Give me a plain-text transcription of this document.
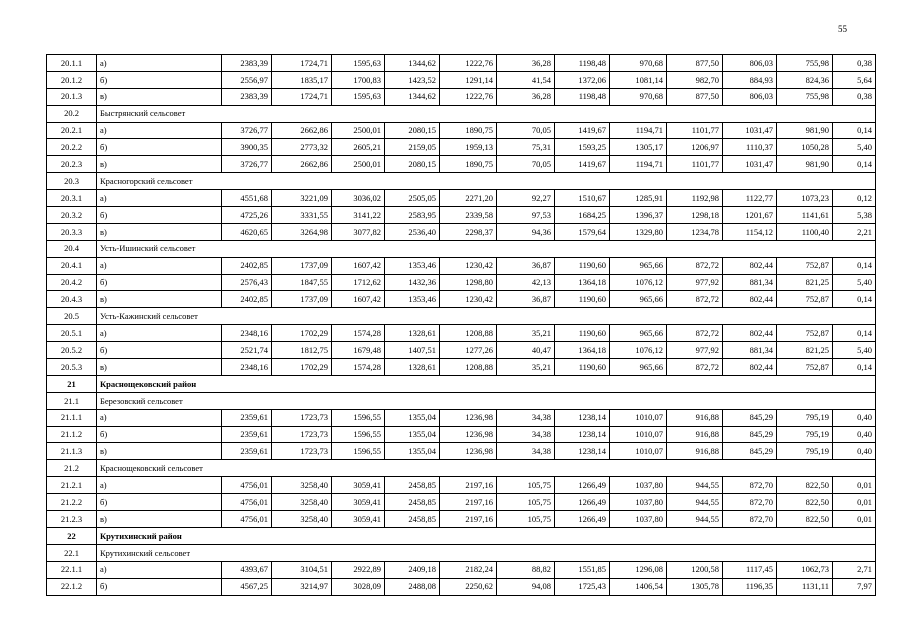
55
20.1.1	а)	2383,39	1724,71	1595,63	1344,62	1222,76	36,28	1198,48	970,68	877,50	806,03	755,98	0,38
20.1.2	б)	2556,97	1835,17	1700,83	1423,52	1291,14	41,54	1372,06	1081,14	982,70	884,93	824,36	5,64
20.1.3	в)	2383,39	1724,71	1595,63	1344,62	1222,76	36,28	1198,48	970,68	877,50	806,03	755,98	0,38
20.2	Быстрянский сельсовет												
20.2.1	а)	3726,77	2662,86	2500,01	2080,15	1890,75	70,05	1419,67	1194,71	1101,77	1031,47	981,90	0,14
20.2.2	б)	3900,35	2773,32	2605,21	2159,05	1959,13	75,31	1593,25	1305,17	1206,97	1110,37	1050,28	5,40
20.2.3	в)	3726,77	2662,86	2500,01	2080,15	1890,75	70,05	1419,67	1194,71	1101,77	1031,47	981,90	0,14
20.3	Красногорский сельсовет												
20.3.1	а)	4551,68	3221,09	3036,02	2505,05	2271,20	92,27	1510,67	1285,91	1192,98	1122,77	1073,23	0,12
20.3.2	б)	4725,26	3331,55	3141,22	2583,95	2339,58	97,53	1684,25	1396,37	1298,18	1201,67	1141,61	5,38
20.3.3	в)	4620,65	3264,98	3077,82	2536,40	2298,37	94,36	1579,64	1329,80	1234,78	1154,12	1100,40	2,21
20.4	Усть-Ишинский сельсовет												
20.4.1	а)	2402,85	1737,09	1607,42	1353,46	1230,42	36,87	1190,60	965,66	872,72	802,44	752,87	0,14
20.4.2	б)	2576,43	1847,55	1712,62	1432,36	1298,80	42,13	1364,18	1076,12	977,92	881,34	821,25	5,40
20.4.3	в)	2402,85	1737,09	1607,42	1353,46	1230,42	36,87	1190,60	965,66	872,72	802,44	752,87	0,14
20.5	Усть-Кажинский сельсовет												
20.5.1	а)	2348,16	1702,29	1574,28	1328,61	1208,88	35,21	1190,60	965,66	872,72	802,44	752,87	0,14
20.5.2	б)	2521,74	1812,75	1679,48	1407,51	1277,26	40,47	1364,18	1076,12	977,92	881,34	821,25	5,40
20.5.3	в)	2348,16	1702,29	1574,28	1328,61	1208,88	35,21	1190,60	965,66	872,72	802,44	752,87	0,14
21	Краснощековский район												
21.1	Березовский сельсовет												
21.1.1	а)	2359,61	1723,73	1596,55	1355,04	1236,98	34,38	1238,14	1010,07	916,88	845,29	795,19	0,40
21.1.2	б)	2359,61	1723,73	1596,55	1355,04	1236,98	34,38	1238,14	1010,07	916,88	845,29	795,19	0,40
21.1.3	в)	2359,61	1723,73	1596,55	1355,04	1236,98	34,38	1238,14	1010,07	916,88	845,29	795,19	0,40
21.2	Краснощековский сельсовет												
21.2.1	а)	4756,01	3258,40	3059,41	2458,85	2197,16	105,75	1266,49	1037,80	944,55	872,70	822,50	0,01
21.2.2	б)	4756,01	3258,40	3059,41	2458,85	2197,16	105,75	1266,49	1037,80	944,55	872,70	822,50	0,01
21.2.3	в)	4756,01	3258,40	3059,41	2458,85	2197,16	105,75	1266,49	1037,80	944,55	872,70	822,50	0,01
22	Крутихинский район												
22.1	Крутихинский сельсовет												
22.1.1	а)	4393,67	3104,51	2922,89	2409,18	2182,24	88,82	1551,85	1296,08	1200,58	1117,45	1062,73	2,71
22.1.2	б)	4567,25	3214,97	3028,09	2488,08	2250,62	94,08	1725,43	1406,54	1305,78	1196,35	1131,11	7,97
